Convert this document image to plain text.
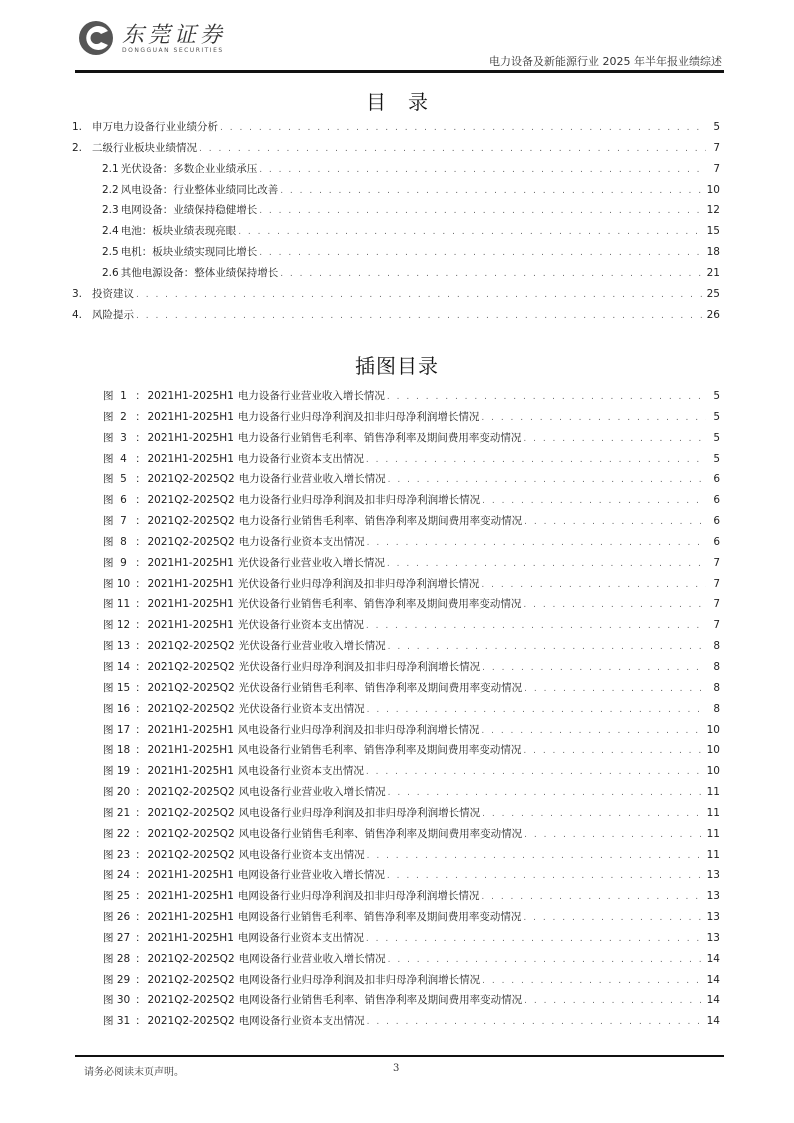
东莞证券
DONGGUAN SECURITIES
电力设备及新能源行业 2025 年半年报业绩综述
目录
1. 申万电力设备行业业绩分析 . . .	5
2. 二级行业板块业绩情况 . . .	7
2.1 光伏设备：多数企业业绩承压 . . .	7
2.2 风电设备：行业整体业绩同比改善 . . .	10
2.3 电网设备：业绩保持稳健增长 . . .	12
2.4 电池：板块业绩表现亮眼 . . .	15
2.5 电机：板块业绩实现同比增长 . . .	18
2.6 其他电源设备：整体业绩保持增长 . . .	21
3. 投资建议 . . .	25
4. 风险提示 . . .	26
插图目录
图 1 ： 2021H1-2025H1 电力设备行业营业收入增长情况 . . .	5
图 2 ： 2021H1-2025H1 电力设备行业归母净利润及扣非归母净利润增长情况 . . .	5
图 3 ： 2021H1-2025H1 电力设备行业销售毛利率、销售净利率及期间费用率变动情况 . . .	5
图 4 ： 2021H1-2025H1 电力设备行业资本支出情况 . . .	5
图 5 ： 2021Q2-2025Q2 电力设备行业营业收入增长情况 . . .	6
图 6 ： 2021Q2-2025Q2 电力设备行业归母净利润及扣非归母净利润增长情况 . . .	6
图 7 ： 2021Q2-2025Q2 电力设备行业销售毛利率、销售净利率及期间费用率变动情况 . . .	6
图 8 ： 2021Q2-2025Q2 电力设备行业资本支出情况 . . .	6
图 9 ： 2021H1-2025H1 光伏设备行业营业收入增长情况 . . .	7
图 10 ： 2021H1-2025H1 光伏设备行业归母净利润及扣非归母净利润增长情况 . . .	7
图 11 ： 2021H1-2025H1 光伏设备行业销售毛利率、销售净利率及期间费用率变动情况 . . .	7
图 12 ： 2021H1-2025H1 光伏设备行业资本支出情况 . . .	7
图 13 ： 2021Q2-2025Q2 光伏设备行业营业收入增长情况 . . .	8
图 14 ： 2021Q2-2025Q2 光伏设备行业归母净利润及扣非归母净利润增长情况 . . .	8
图 15 ： 2021Q2-2025Q2 光伏设备行业销售毛利率、销售净利率及期间费用率变动情况 . . .	8
图 16 ： 2021Q2-2025Q2 光伏设备行业资本支出情况 . . .	8
图 17 ： 2021H1-2025H1 风电设备行业归母净利润及扣非归母净利润增长情况 . . .	10
图 18 ： 2021H1-2025H1 风电设备行业销售毛利率、销售净利率及期间费用率变动情况 . . .	10
图 19 ： 2021H1-2025H1 风电设备行业资本支出情况 . . .	10
图 20 ： 2021Q2-2025Q2 风电设备行业营业收入增长情况 . . .	11
图 21 ： 2021Q2-2025Q2 风电设备行业归母净利润及扣非归母净利润增长情况 . . .	11
图 22 ： 2021Q2-2025Q2 风电设备行业销售毛利率、销售净利率及期间费用率变动情况 . . .	11
图 23 ： 2021Q2-2025Q2 风电设备行业资本支出情况 . . .	11
图 24 ： 2021H1-2025H1 电网设备行业营业收入增长情况 . . .	13
图 25 ： 2021H1-2025H1 电网设备行业归母净利润及扣非归母净利润增长情况 . . .	13
图 26 ： 2021H1-2025H1 电网设备行业销售毛利率、销售净利率及期间费用率变动情况 . . .	13
图 27 ： 2021H1-2025H1 电网设备行业资本支出情况 . . .	13
图 28 ： 2021Q2-2025Q2 电网设备行业营业收入增长情况 . . .	14
图 29 ： 2021Q2-2025Q2 电网设备行业归母净利润及扣非归母净利润增长情况 . . .	14
图 30 ： 2021Q2-2025Q2 电网设备行业销售毛利率、销售净利率及期间费用率变动情况 . . .	14
图 31 ： 2021Q2-2025Q2 电网设备行业资本支出情况 . . .	14
请务必阅读末页声明。	3
